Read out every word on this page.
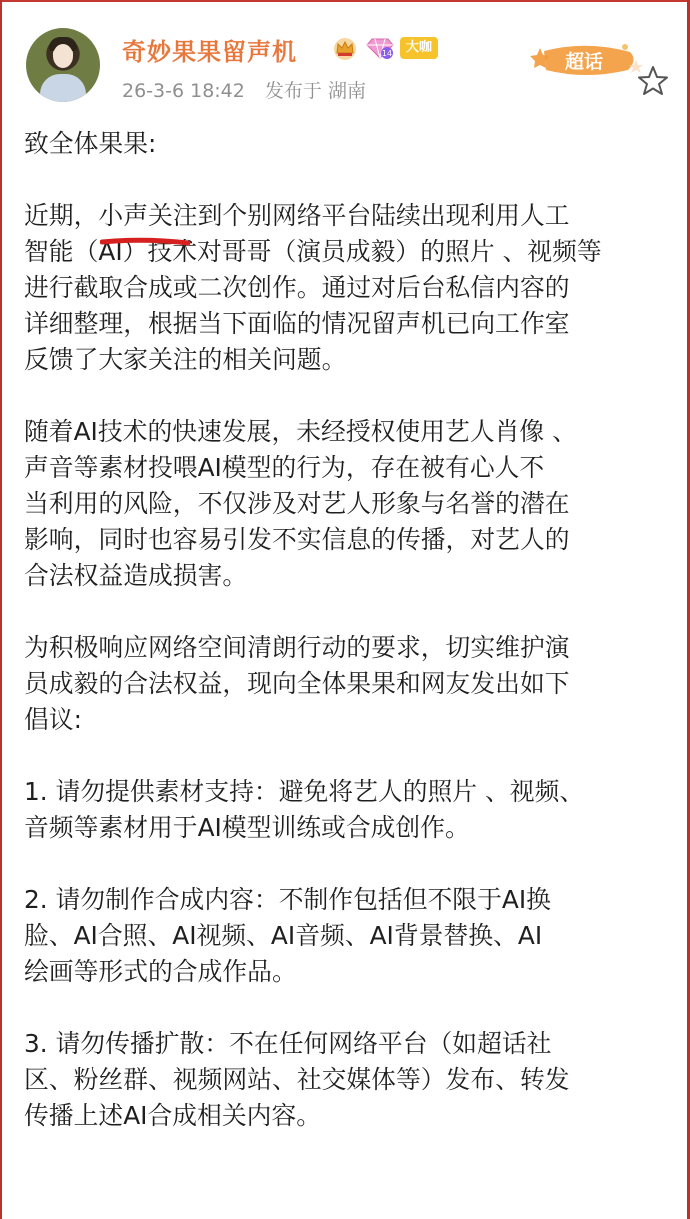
奇妙果果留声机	14	大咖
26-3-6 18:42 发布于 湖南
超话

致全体果果:

近期，小声关注到个别网络平台陆续出现利用人工
智能（AI）技术对哥哥（演员成毅）的照片 、视频等
进行截取合成或二次创作。通过对后台私信内容的
详细整理，根据当下面临的情况留声机已向工作室
反馈了大家关注的相关问题。

随着AI技术的快速发展，未经授权使用艺人肖像 、
声音等素材投喂AI模型的行为，存在被有心人不
当利用的风险，不仅涉及对艺人形象与名誉的潜在
影响，同时也容易引发不实信息的传播，对艺人的
合法权益造成损害。

为积极响应网络空间清朗行动的要求，切实维护演
员成毅的合法权益，现向全体果果和网友发出如下
倡议:

1. 请勿提供素材支持：避免将艺人的照片 、视频、
音频等素材用于AI模型训练或合成创作。

2. 请勿制作合成内容：不制作包括但不限于AI换
脸、AI合照、AI视频、AI音频、AI背景替换、AI
绘画等形式的合成作品。

3. 请勿传播扩散：不在任何网络平台（如超话社
区、粉丝群、视频网站、社交媒体等）发布、转发
传播上述AI合成相关内容。
